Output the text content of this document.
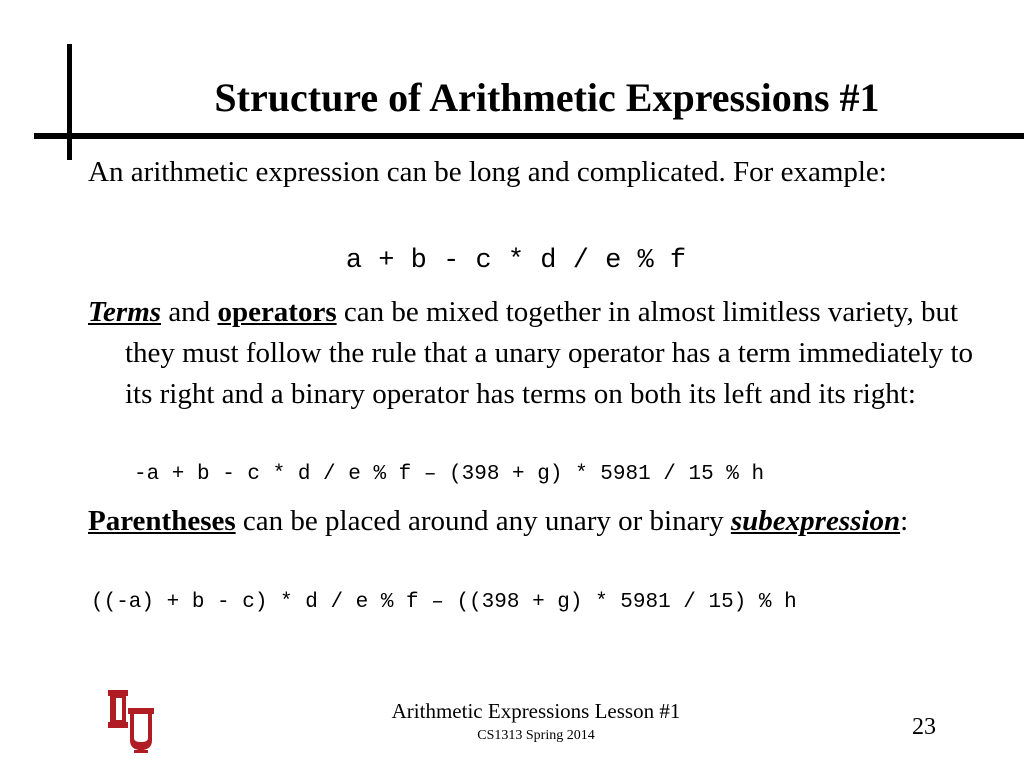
Structure of Arithmetic Expressions #1
An arithmetic expression can be long and complicated. For example:
a + b - c * d / e % f
Terms and operators can be mixed together in almost limitless variety, but they must follow the rule that a unary operator has a term immediately to its right and a binary operator has terms on both its left and its right:
-a + b - c * d / e % f – (398 + g) * 5981 / 15 % h
Parentheses can be placed around any unary or binary subexpression:
((-a) + b - c) * d / e % f – ((398 + g) * 5981 / 15) % h
Arithmetic Expressions Lesson #1
CS1313 Spring 2014	23
